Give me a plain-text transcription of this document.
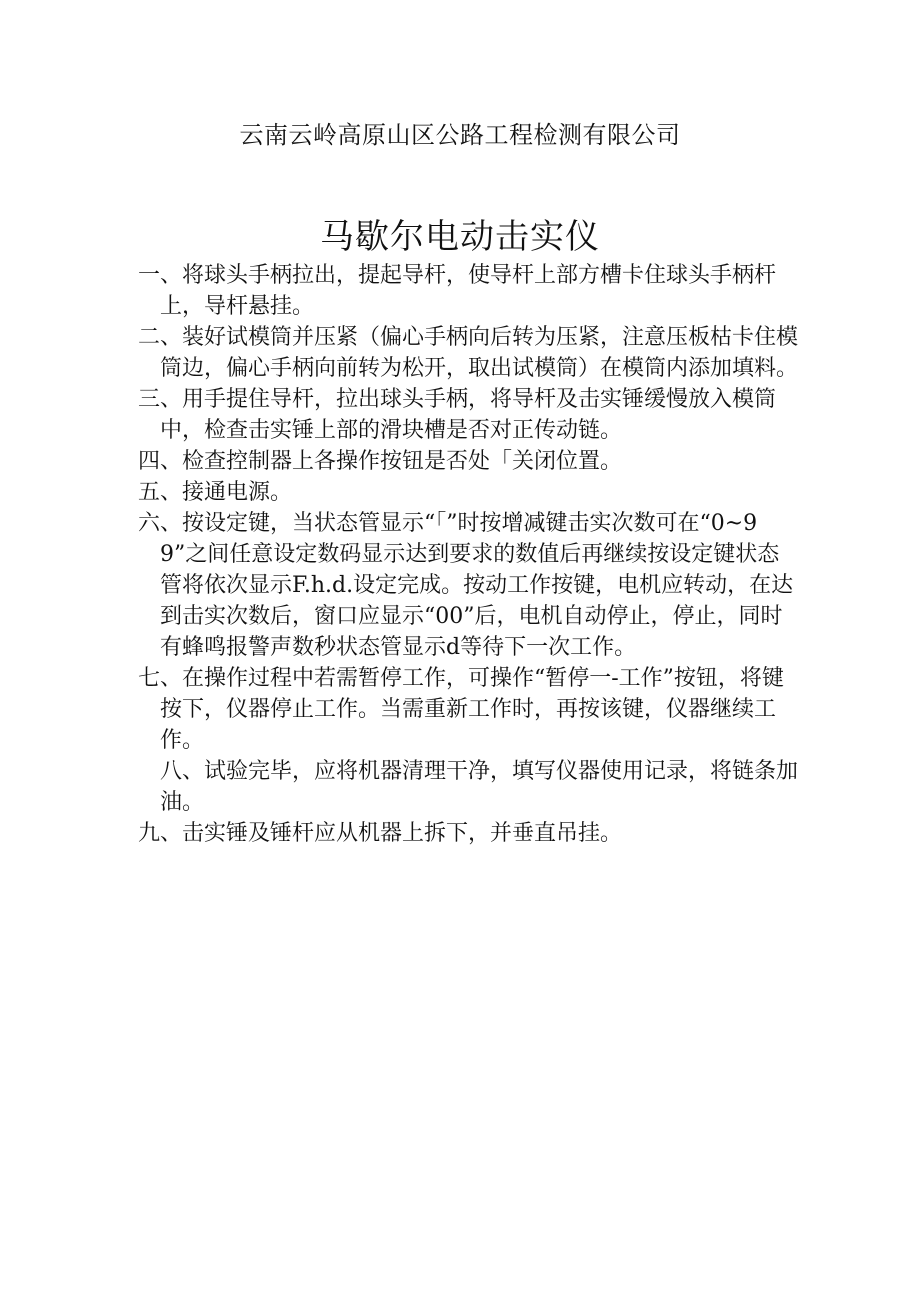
云南云岭高原山区公路工程检测有限公司
马歇尔电动击实仪

一、将球头手柄拉出，提起导杆，使导杆上部方槽卡住球头手柄杆上，导杆悬挂。

二、装好试模筒并压紧（偏心手柄向后转为压紧，注意压板枯卡住模筒边，偏心手柄向前转为松开，取出试模筒）在模筒内添加填料。

三、用手提住导杆，拉出球头手柄，将导杆及击实锤缓慢放入模筒中，检查击实锤上部的滑块槽是否对正传动链。

四、检查控制器上各操作按钮是否处「关闭位置。

五、接通电源。

六、按设定键，当状态管显示“「”时按增减键击实次数可在“0~99”之间任意设定数码显示达到要求的数值后再继续按设定键状态管将依次显示F.h.d.设定完成。按动工作按键，电机应转动，在达到击实次数后，窗口应显示“00”后，电机自动停止，停止，同时有蜂鸣报警声数秒状态管显示d等待下一次工作。

七、在操作过程中若需暂停工作，可操作“暂停一-工作”按钮，将键按下，仪器停止工作。当需重新工作时，再按该键，仪器继续工作。

八、试验完毕，应将机器清理干净，填写仪器使用记录，将链条加油。

九、击实锤及锤杆应从机器上拆下，并垂直吊挂。
